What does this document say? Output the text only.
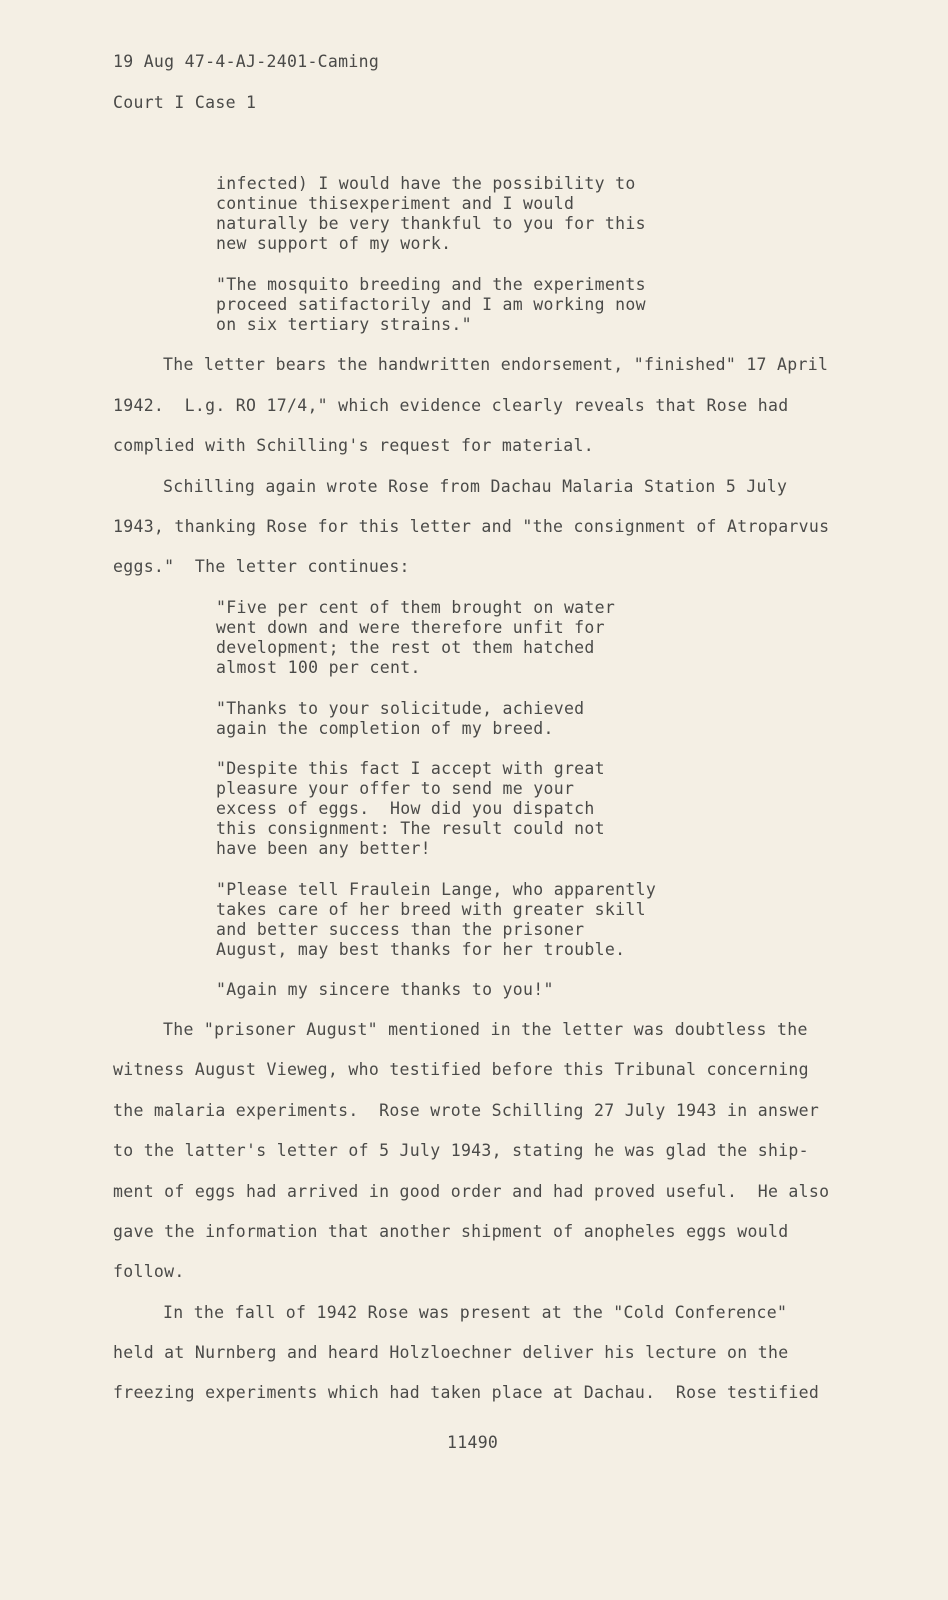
19 Aug 47-4-AJ-2401-Caming
Court I Case 1
infected) I would have the possibility to
continue thisexperiment and I would
naturally be very thankful to you for this
new support of my work.
"The mosquito breeding and the experiments
proceed satifactorily and I am working now
on six tertiary strains."
The letter bears the handwritten endorsement, "finished" 17 April
1942.  L.g. RO 17/4," which evidence clearly reveals that Rose had
complied with Schilling's request for material.
Schilling again wrote Rose from Dachau Malaria Station 5 July
1943, thanking Rose for this letter and "the consignment of Atroparvus
eggs."  The letter continues:
"Five per cent of them brought on water
went down and were therefore unfit for
development; the rest ot them hatched
almost 100 per cent.
"Thanks to your solicitude, achieved
again the completion of my breed.
"Despite this fact I accept with great
pleasure your offer to send me your
excess of eggs.  How did you dispatch
this consignment: The result could not
have been any better!
"Please tell Fraulein Lange, who apparently
takes care of her breed with greater skill
and better success than the prisoner
August, may best thanks for her trouble.
"Again my sincere thanks to you!"
The "prisoner August" mentioned in the letter was doubtless the
witness August Vieweg, who testified before this Tribunal concerning
the malaria experiments.  Rose wrote Schilling 27 July 1943 in answer
to the latter's letter of 5 July 1943, stating he was glad the ship-
ment of eggs had arrived in good order and had proved useful.  He also
gave the information that another shipment of anopheles eggs would
follow.
In the fall of 1942 Rose was present at the "Cold Conference"
held at Nurnberg and heard Holzloechner deliver his lecture on the
freezing experiments which had taken place at Dachau.  Rose testified
11490
